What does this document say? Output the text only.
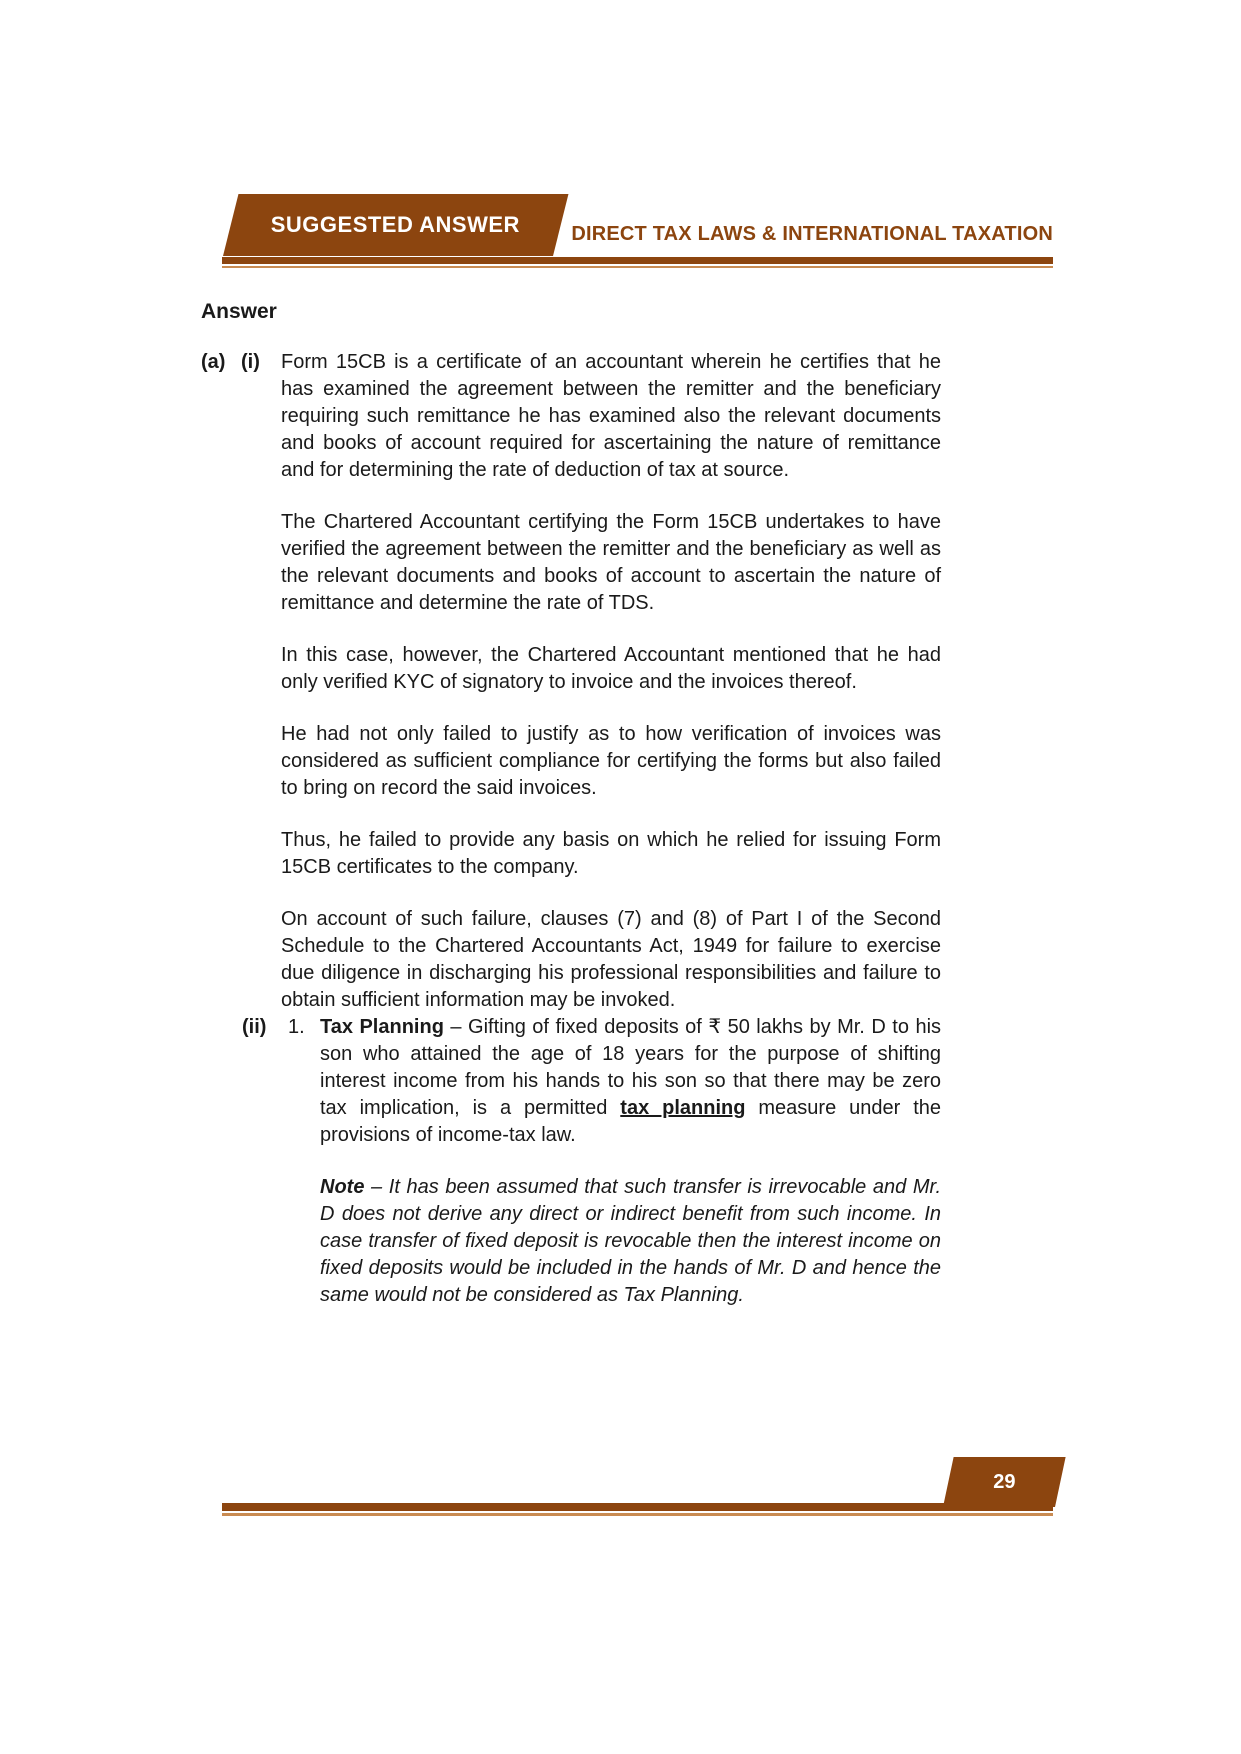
SUGGESTED ANSWER	DIRECT TAX LAWS & INTERNATIONAL TAXATION
Answer
(a) (i)	Form 15CB is a certificate of an accountant wherein he certifies that he has examined the agreement between the remitter and the beneficiary requiring such remittance he has examined also the relevant documents and books of account required for ascertaining the nature of remittance and for determining the rate of deduction of tax at source.

The Chartered Accountant certifying the Form 15CB undertakes to have verified the agreement between the remitter and the beneficiary as well as the relevant documents and books of account to ascertain the nature of remittance and determine the rate of TDS.

In this case, however, the Chartered Accountant mentioned that he had only verified KYC of signatory to invoice and the invoices thereof.

He had not only failed to justify as to how verification of invoices was considered as sufficient compliance for certifying the forms but also failed to bring on record the said invoices.

Thus, he failed to provide any basis on which he relied for issuing Form 15CB certificates to the company.

On account of such failure, clauses (7) and (8) of Part I of the Second Schedule to the Chartered Accountants Act, 1949 for failure to exercise due diligence in discharging his professional responsibilities and failure to obtain sufficient information may be invoked.

(ii)	1. Tax Planning – Gifting of fixed deposits of ₹ 50 lakhs by Mr. D to his son who attained the age of 18 years for the purpose of shifting interest income from his hands to his son so that there may be zero tax implication, is a permitted tax planning measure under the provisions of income-tax law.

Note – It has been assumed that such transfer is irrevocable and Mr. D does not derive any direct or indirect benefit from such income. In case transfer of fixed deposit is revocable then the interest income on fixed deposits would be included in the hands of Mr. D and hence the same would not be considered as Tax Planning.

29
